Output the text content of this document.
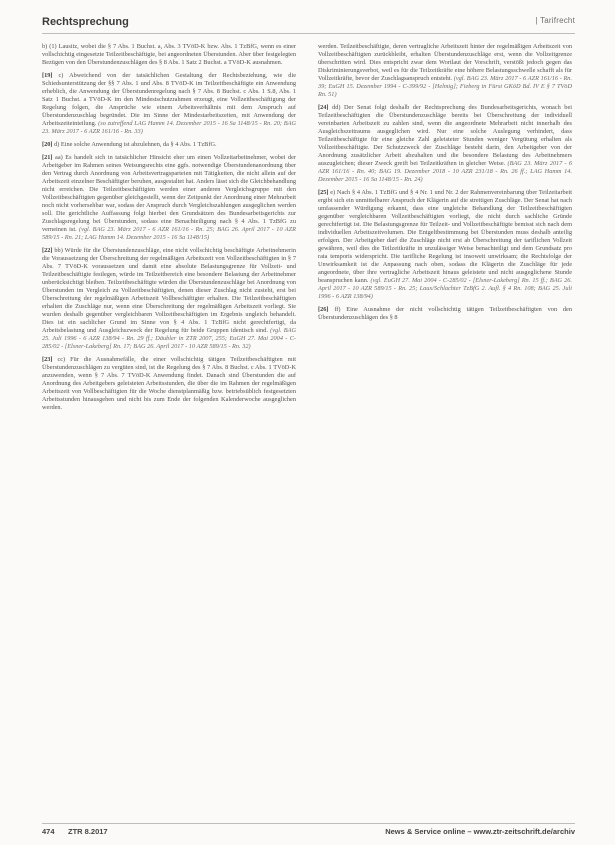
Rechtsprechung	| Tarifrecht

b) (1) Lausitz, wobei die § 7 Abs. 1 Buchst. a, Abs. 3 TVöD-K bzw. Abs. 1 TzBfG, wenn es einer vollschichtig eingesetzte Teilzeitbeschäftigte, bei angeordneten Überstunden. Aber über festgelegten Bezügen von den Überstundenzuschlägen des § 8 Abs. 1 Satz 2 Buchst. a TVöD-K ausnahmen.

[19] c) Abweichend von der tatsächlichen Gestaltung der Rechtsbeziehung, wie die Schiedsunterstützung der §§ 7 Abs. 1 und Abs. 8 TVöD-K im Teilzeitbeschäftigte ein Anwendung erheblich, die Anwendung der Überstundenregelung nach § 7 Abs. 8 Buchst. c Abs. 1 S.8, Abs. 1 Satz 1 Buchst. a TVöD-K im den Mindestschutzrahmen erzeugt, eine Vollzeitbeschäftigung der Regelung folgen, die Ansprüche wie einem Arbeitsverhältnis mit dem Anspruch auf Überstundenzuschlag begründet. Die im Sinne der Mindestarbeitszeiten, mit Anwendung der Arbeitszeiteinteilung. (so zutreffend LAG Hamm 14. Dezember 2015 - 16 Sa 1148/15 - Rn. 20; BAG 23. März 2017 - 6 AZR 161/16 - Rn. 33)

[20] d) Eine solche Anwendung ist abzulehnen, da § 4 Abs. 1 TzBfG.

[21] aa) Es handelt sich in tatsächlicher Hinsicht eher um einen Vollzeitarbeitnehmer, wobei der Arbeitgeber im Rahmen seines Weisungsrechts eine ggfs. notwendige Überstundenanordnung über den Vertrag durch Anordnung von Arbeitsvertragsparteien mit Tätigkeiten, die nicht allein auf der Arbeitszeit einzelner Beschäftigter beruhen, ausgestaltet hat. Anders lässt sich die Gleichbehandlung nicht erreichen. Die Teilzeitbeschäftigten werden einer anderen Vergleichsgruppe mit den Vollzeitbeschäftigten gegenüber gleichgestellt, wenn der Zeitpunkt der Anordnung einer Mehrarbeit noch nicht vorhersehbar war, sodass der Anspruch durch Vergleichszahlungen ausgeglichen werden soll. Die gerichtliche Auffassung folgt hierbei den Grundsätzen des Bundesarbeitsgerichts zur Zuschlagsregelung bei Überstunden, sodass eine Benachteiligung nach § 4 Abs. 1 TzBfG zu verneinen ist. (vgl. BAG 23. März 2017 - 6 AZR 161/16 - Rn. 25; BAG 26. April 2017 - 10 AZR 589/15 - Rn. 21; LAG Hamm 14. Dezember 2015 - 16 Sa 1148/15)

[22] bb) Würde für die Überstundenzuschläge, eine nicht vollschichtig beschäftigte Arbeitnehmerin die Voraussetzung der Überschreitung der regelmäßigen Arbeitszeit von Vollzeitbeschäftigten in § 7 Abs. 7 TVöD-K voraussetzen und damit eine absolute Belastungsgrenze für Vollzeit- und Teilzeitbeschäftigte festlegen, würde im Teilzeitbereich eine besondere Belastung der Arbeitnehmer unberücksichtigt bleiben. Teilzeitbeschäftigte würden die Überstundenzuschläge bei Anordnung von Überstunden im Vergleich zu Vollzeitbeschäftigten, denen dieser Zuschlag nicht zusteht, erst bei Überschreitung der regelmäßigen Arbeitszeit Vollbeschäftigter erhalten. Die Teilzeitbeschäftigten erhalten die Zuschläge nur, wenn eine Überschreitung der regelmäßigen Arbeitszeit vorliegt. Sie wurden deshalb gegenüber vergleichbaren Vollzeitbeschäftigten im Ergebnis ungleich behandelt. Dies ist ein sachlicher Grund im Sinne von § 4 Abs. 1 TzBfG nicht gerechtfertigt, da Arbeitsbelastung und Ausgleichszweck der Regelung für beide Gruppen identisch sind. (vgl. BAG 25. Juli 1996 - 6 AZR 138/94 - Rn. 29 ff.; Däubler in ZTR 2007, 255; EuGH 27. Mai 2004 - C-285/02 - [Elsner-Lakeberg] Rn. 17; BAG 26. April 2017 - 10 AZR 589/15 - Rn. 32)

[23] cc) Für die Ausnahmefälle, die einer vollschichtig tätigen Teilzeitbeschäftigten mit Überstundenzuschlägen zu vergüten sind, ist die Regelung des § 7 Abs. 8 Buchst. c Abs. 1 TVöD-K anzuwenden, wenn § 7 Abs. 7 TVöD-K Anwendung findet. Danach sind Überstunden die auf Anordnung des Arbeitgebers geleisteten Arbeitsstunden, die über die im Rahmen der regelmäßigen Arbeitszeit von Vollbeschäftigten für die Woche dienstplanmäßig bzw. betriebsüblich festgesetzten Arbeitsstunden hinausgehen und nicht bis zum Ende der folgenden Kalenderwoche ausgeglichen werden.

werden. Teilzeitbeschäftigte, deren vertragliche Arbeitszeit hinter der regelmäßigen Arbeitszeit von Vollzeitbeschäftigten zurückbleibt, erhalten Überstundenzuschläge erst, wenn die Vollzeitgrenze überschritten wird. Dies entspricht zwar dem Wortlaut der Vorschrift, verstößt jedoch gegen das Diskriminierungsverbot, weil es für die Teilzeitkräfte eine höhere Belastungsschwelle schafft als für Vollzeitkräfte, bevor der Zuschlagsanspruch entsteht. (vgl. BAG 23. März 2017 - 6 AZR 161/16 - Rn. 39; EuGH 15. Dezember 1994 - C-399/92 - [Helmig]; Fieberg in Fürst GKöD Bd. IV E § 7 TVöD Rn. 51)

[24] dd) Der Senat folgt deshalb der Rechtsprechung des Bundesarbeitsgerichts, wonach bei Teilzeitbeschäftigten die Überstundenzuschläge bereits bei Überschreitung der individuell vereinbarten Arbeitszeit zu zahlen sind, wenn die angeordnete Mehrarbeit nicht innerhalb des Ausgleichszeitraums ausgeglichen wird. Nur eine solche Auslegung verhindert, dass Teilzeitbeschäftigte für eine gleiche Zahl geleisteter Stunden weniger Vergütung erhalten als Vollzeitbeschäftigte. Der Schutzzweck der Zuschläge besteht darin, den Arbeitgeber von der Anordnung zusätzlicher Arbeit abzuhalten und die besondere Belastung des Arbeitnehmers auszugleichen; dieser Zweck greift bei Teilzeitkräften in gleicher Weise. (BAG 23. März 2017 - 6 AZR 161/16 - Rn. 40; BAG 19. Dezember 2018 - 10 AZR 231/18 - Rn. 26 ff.; LAG Hamm 14. Dezember 2015 - 16 Sa 1148/15 - Rn. 24)

[25] e) Nach § 4 Abs. 1 TzBfG und § 4 Nr. 1 und Nr. 2 der Rahmenvereinbarung über Teilzeitarbeit ergibt sich ein unmittelbarer Anspruch der Klägerin auf die streitigen Zuschläge. Der Senat hat nach umfassender Würdigung erkannt, dass eine ungleiche Behandlung der Teilzeitbeschäftigten gegenüber vergleichbaren Vollzeitbeschäftigten vorliegt, die nicht durch sachliche Gründe gerechtfertigt ist. Die Belastungsgrenze für Teilzeit- und Vollzeitbeschäftigte bemisst sich nach dem individuellen Arbeitszeitvolumen. Die Entgeltbestimmung bei Überstunden muss deshalb anteilig erfolgen. Der Arbeitgeber darf die Zuschläge nicht erst ab Überschreitung der tariflichen Vollzeit gewähren, weil dies die Teilzeitkräfte in unzulässiger Weise benachteiligt und dem Grundsatz pro rata temporis widerspricht. Die tarifliche Regelung ist insoweit unwirksam; die Rechtsfolge der Unwirksamkeit ist die Anpassung nach oben, sodass die Klägerin die Zuschläge für jede angeordnete, über ihre vertragliche Arbeitszeit hinaus geleistete und nicht ausgeglichene Stunde beanspruchen kann. (vgl. EuGH 27. Mai 2004 - C-285/02 - [Elsner-Lakeberg] Rn. 15 ff.; BAG 26. April 2017 - 10 AZR 589/15 - Rn. 25; Laux/Schlachter TzBfG 2. Aufl. § 4 Rn. 108; BAG 25. Juli 1996 - 6 AZR 138/94)

[26] ff) Eine Ausnahme der nicht vollschichtig tätigen Teilzeitbeschäftigten von den Überstundenzuschlägen des § 8

474 ZTR 8.2017	News & Service online – www.ztr-zeitschrift.de/archiv
